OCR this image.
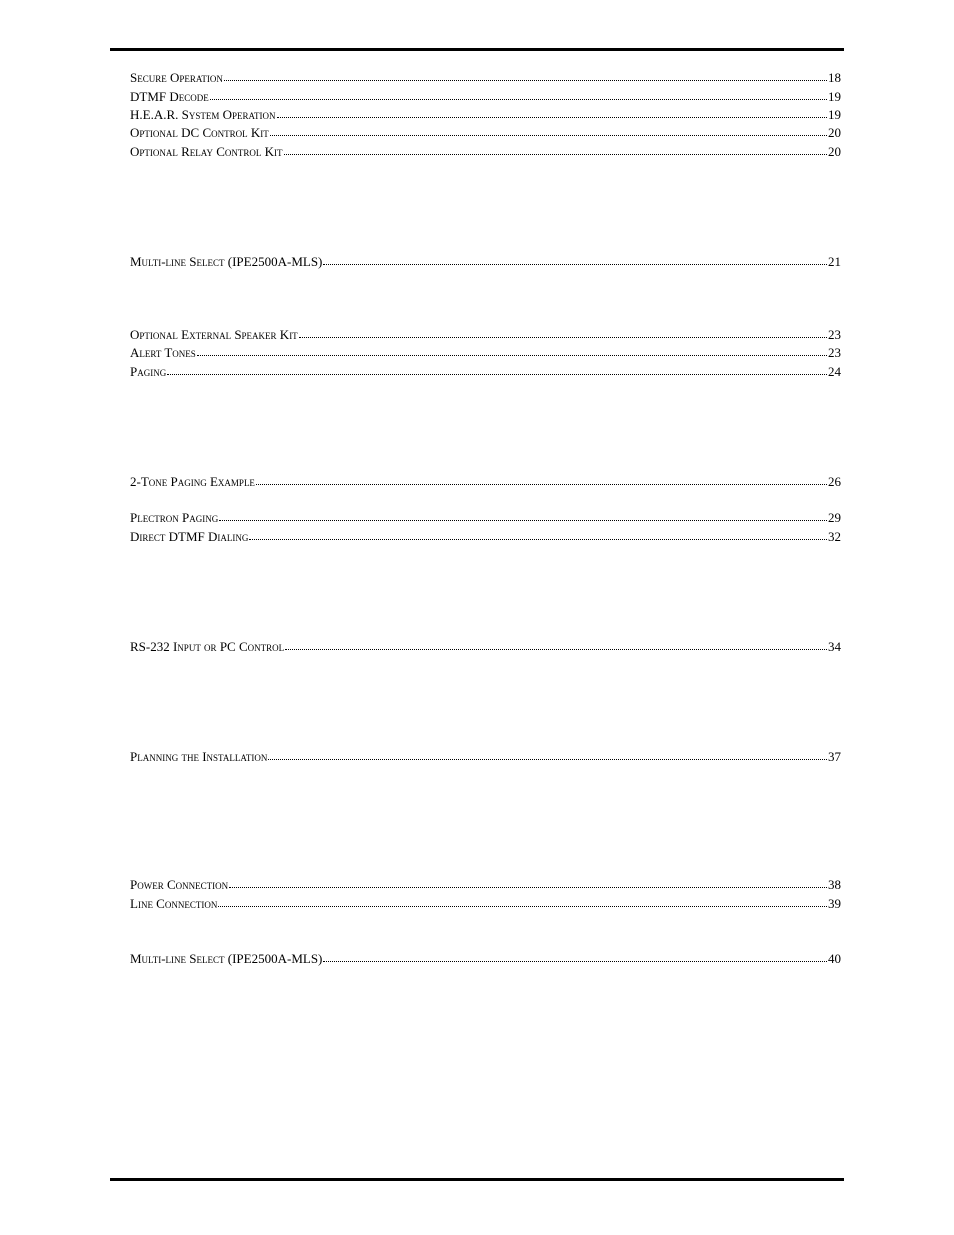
Secure Operation	18
DTMF Decode	19
H.E.A.R. System Operation	19
Optional DC Control Kit	20
Optional Relay Control Kit	20
Multi-line Select (IPE2500A-MLS)	21
Optional External Speaker Kit	23
Alert Tones	23
Paging	24
2-Tone Paging Example	26
Plectron Paging	29
Direct DTMF Dialing	32
RS-232 Input or PC Control	34
Planning the Installation	37
Power Connection	38
Line Connection	39
Multi-line Select (IPE2500A-MLS)	40
